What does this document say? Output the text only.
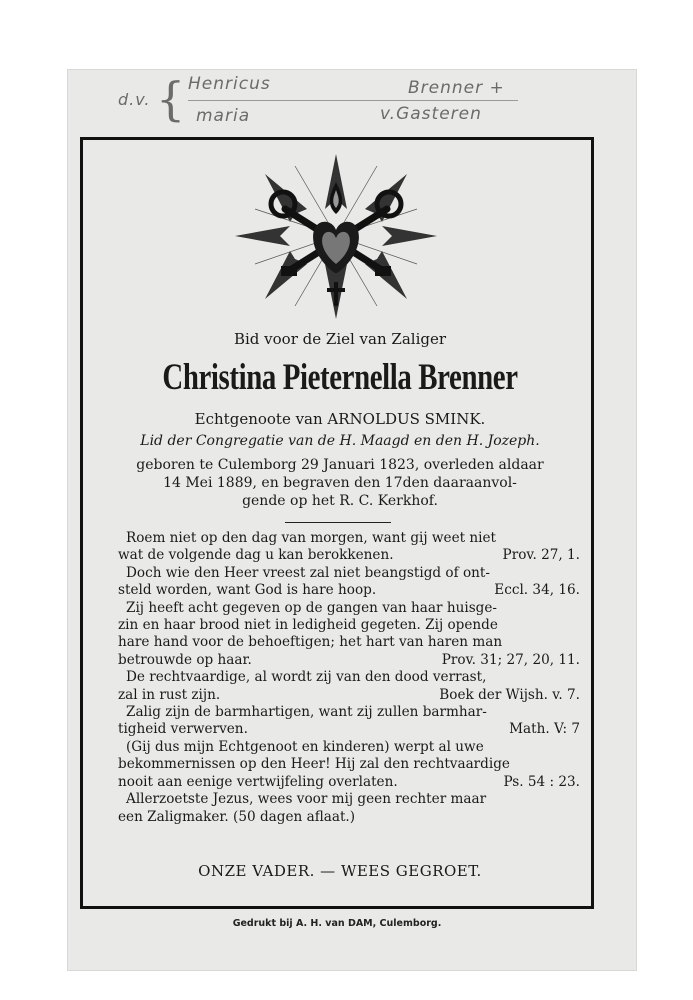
d.v. { Henricus	Brenner +
maria	v.Gasteren
Bid voor de Ziel van Zaliger
Christina Pieternella Brenner
Echtgenoote van ARNOLDUS SMINK.
Lid der Congregatie van de H. Maagd en den H. Jozeph.
geboren te Culemborg 29 Januari 1823, overleden aldaar
14 Mei 1889, en begraven den 17den daaraanvol-
gende op het R. C. Kerkhof.
Roem niet op den dag van morgen, want gij weet niet
wat de volgende dag u kan berokkenen.	Prov. 27, 1.
Doch wie den Heer vreest zal niet beangstigd of ont-
steld worden, want God is hare hoop.	Eccl. 34, 16.
Zij heeft acht gegeven op de gangen van haar huisge-
zin en haar brood niet in ledigheid gegeten. Zij opende
hare hand voor de behoeftigen; het hart van haren man
betrouwde op haar.	Prov. 31; 27, 20, 11.
De rechtvaardige, al wordt zij van den dood verrast,
zal in rust zijn.	Boek der Wijsh. v. 7.
Zalig zijn de barmhartigen, want zij zullen barmhar-
tigheid verwerven.	Math. V: 7
(Gij dus mijn Echtgenoot en kinderen) werpt al uwe
bekommernissen op den Heer! Hij zal den rechtvaardige
nooit aan eenige vertwijfeling overlaten.	Ps. 54 : 23.
Allerzoetste Jezus, wees voor mij geen rechter maar
een Zaligmaker. (50 dagen aflaat.)
ONZE VADER. — WEES GEGROET.
Gedrukt bij A. H. van DAM, Culemborg.
